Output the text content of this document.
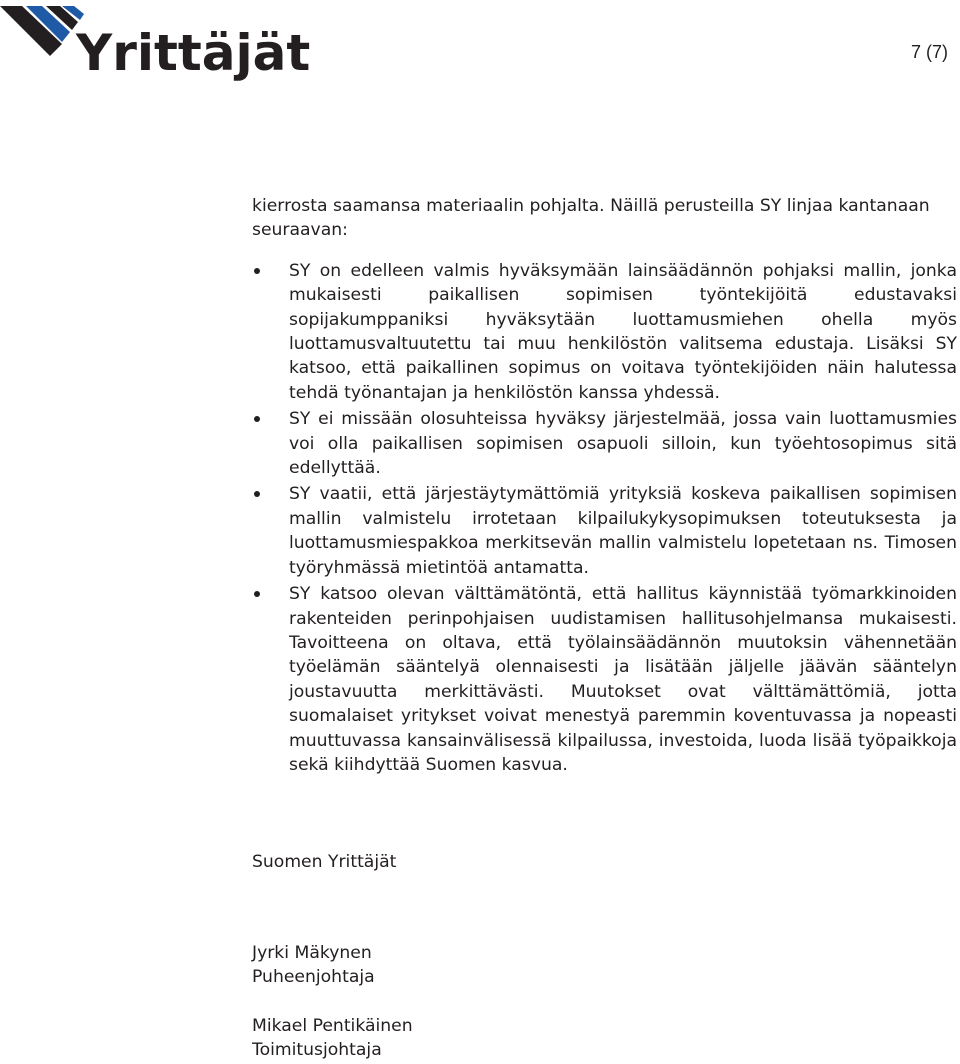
Yrittäjät	7 (7)

kierrosta saamansa materiaalin pohjalta. Näillä perusteilla SY linjaa kantanaan seuraavan:

SY on edelleen valmis hyväksymään lainsäädännön pohjaksi mallin, jonka mukaisesti paikallisen sopimisen työntekijöitä edustavaksi sopijakumppaniksi hyväksytään luottamusmiehen ohella myös luottamusvaltuutettu tai muu henkilöstön valitsema edustaja. Lisäksi SY katsoo, että paikallinen sopimus on voitava työntekijöiden näin halutessa tehdä työnantajan ja henkilöstön kanssa yhdessä.
SY ei missään olosuhteissa hyväksy järjestelmää, jossa vain luottamusmies voi olla paikallisen sopimisen osapuoli silloin, kun työehtosopimus sitä edellyttää.
SY vaatii, että järjestäytymättömiä yrityksiä koskeva paikallisen sopimisen mallin valmistelu irrotetaan kilpailukykysopimuksen toteutuksesta ja luottamusmiespakkoa merkitsevän mallin valmistelu lopetetaan ns. Timosen työryhmässä mietintöä antamatta.
SY katsoo olevan välttämätöntä, että hallitus käynnistää työmarkkinoiden rakenteiden perinpohjaisen uudistamisen hallitusohjelmansa mukaisesti. Tavoitteena on oltava, että työlainsäädännön muutoksin vähennetään työelämän sääntelyä olennaisesti ja lisätään jäljelle jäävän sääntelyn joustavuutta merkittävästi. Muutokset ovat välttämättömiä, jotta suomalaiset yritykset voivat menestyä paremmin koventuvassa ja nopeasti muuttuvassa kansainvälisessä kilpailussa, investoida, luoda lisää työpaikkoja sekä kiihdyttää Suomen kasvua.
Suomen Yrittäjät
Jyrki Mäkynen
Puheenjohtaja
Mikael Pentikäinen
Toimitusjohtaja
